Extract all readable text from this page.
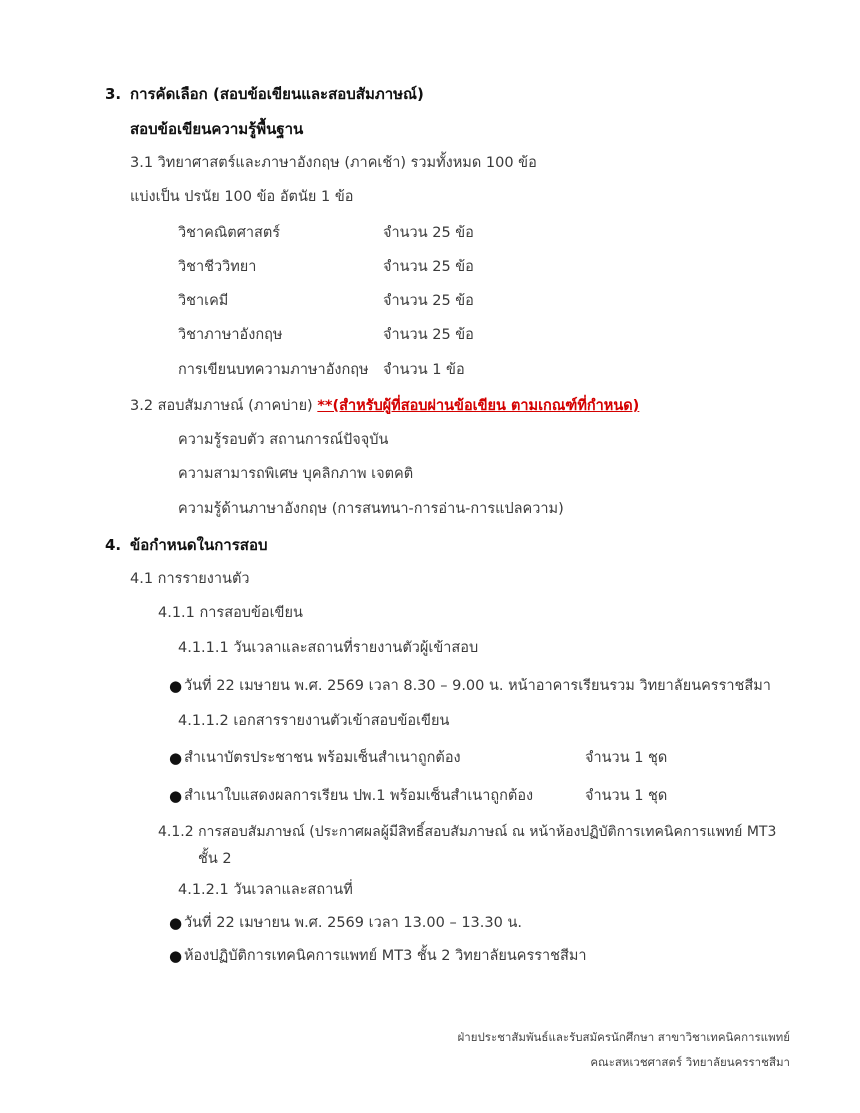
3. การคัดเลือก (สอบข้อเขียนและสอบสัมภาษณ์)
สอบข้อเขียนความรู้พื้นฐาน
3.1 วิทยาศาสตร์และภาษาอังกฤษ (ภาคเช้า) รวมทั้งหมด 100 ข้อ
แบ่งเป็น ปรนัย 100 ข้อ อัตนัย 1 ข้อ
วิชาคณิตศาสตร์	จำนวน 25 ข้อ
วิชาชีววิทยา	จำนวน 25 ข้อ
วิชาเคมี	จำนวน 25 ข้อ
วิชาภาษาอังกฤษ	จำนวน 25 ข้อ
การเขียนบทความภาษาอังกฤษ จำนวน 1 ข้อ
3.2 สอบสัมภาษณ์ (ภาคบ่าย) **(สำหรับผู้ที่สอบผ่านข้อเขียน ตามเกณฑ์ที่กำหนด)
ความรู้รอบตัว สถานการณ์ปัจจุบัน
ความสามารถพิเศษ บุคลิกภาพ เจตคติ
ความรู้ด้านภาษาอังกฤษ (การสนทนา-การอ่าน-การแปลความ)
4. ข้อกำหนดในการสอบ
4.1 การรายงานตัว
4.1.1 การสอบข้อเขียน
4.1.1.1 วันเวลาและสถานที่รายงานตัวผู้เข้าสอบ
● วันที่ 22 เมษายน พ.ศ. 2569 เวลา 8.30 – 9.00 น. หน้าอาคารเรียนรวม วิทยาลัยนครราชสีมา
4.1.1.2 เอกสารรายงานตัวเข้าสอบข้อเขียน
● สำเนาบัตรประชาชน พร้อมเซ็นสำเนาถูกต้อง	จำนวน 1 ชุด
● สำเนาใบแสดงผลการเรียน ปพ.1 พร้อมเซ็นสำเนาถูกต้อง	จำนวน 1 ชุด
4.1.2 การสอบสัมภาษณ์ (ประกาศผลผู้มีสิทธิ์สอบสัมภาษณ์ ณ หน้าห้องปฏิบัติการเทคนิคการแพทย์ MT3
ชั้น 2
4.1.2.1 วันเวลาและสถานที่
● วันที่ 22 เมษายน พ.ศ. 2569 เวลา 13.00 – 13.30 น.
● ห้องปฏิบัติการเทคนิคการแพทย์ MT3 ชั้น 2 วิทยาลัยนครราชสีมา
ฝ่ายประชาสัมพันธ์และรับสมัครนักศึกษา สาขาวิชาเทคนิคการแพทย์
คณะสหเวชศาสตร์ วิทยาลัยนครราชสีมา
